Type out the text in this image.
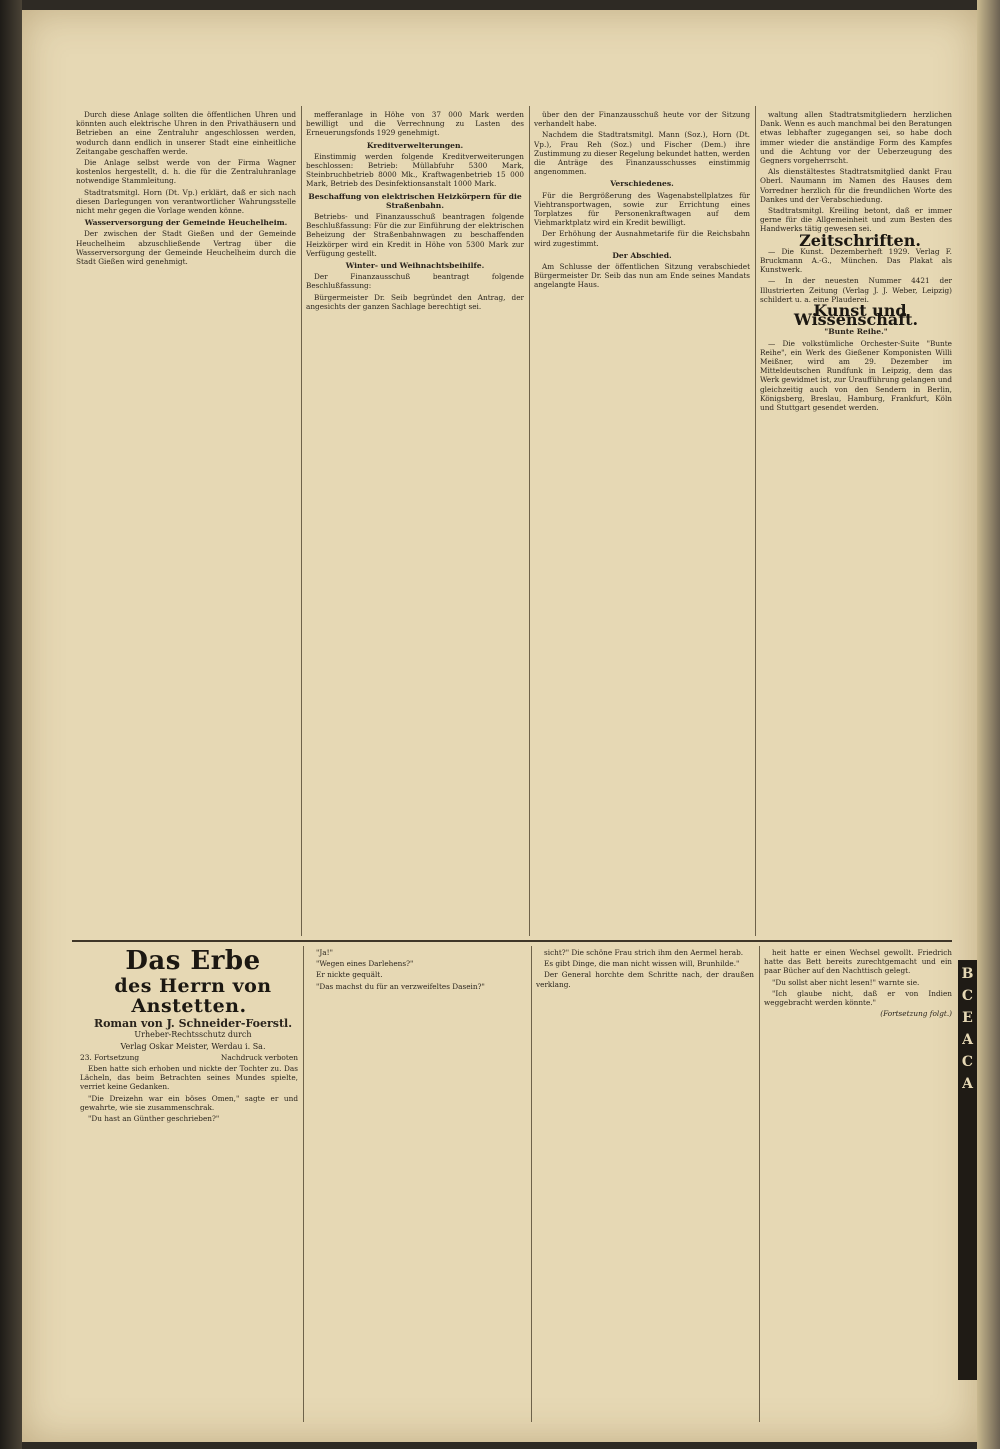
Durch diese Anlage sollten die öffentlichen Uhren und könnten auch elektrische Uhren in den Privathäusern und Betrieben an eine Zentraluhr angeschlossen werden, wodurch dann endlich in unserer Stadt eine einheitliche Zeitangabe geschaffen werde.

Die Anlage selbst werde von der Firma Wagner kostenlos hergestellt, d. h. die für die Zentraluhranlage notwendige Stammleitung.

Stadtratsmitgl. Horn (Dt. Vp.) erklärt, daß er sich nach diesen Darlegungen von verantwortlicher Wahrungsstelle nicht mehr gegen die Vorlage wenden könne.

Wasserversorgung der Gemeinde Heuchelheim.

Der zwischen der Stadt Gießen und der Gemeinde Heuchelheim abzuschließende Vertrag über die Wasserversorgung der Gemeinde Heuchelheim durch die Stadt Gießen wird genehmigt.

mefferanlage in Höhe von 37 000 Mark werden bewilligt und die Verrechnung zu Lasten des Erneuerungsfonds 1929 genehmigt.

Kreditverwelterungen.

Einstimmig werden folgende Kreditverweiterungen beschlossen: Betrieb: Müllabfuhr 5300 Mark, Steinbruchbetrieb 8000 Mk., Kraftwagenbetrieb 15 000 Mark, Betrieb des Desinfektionsanstalt 1000 Mark.

Beschaffung von elektrischen Heizkörpern für die Straßenbahn.

Betriebs- und Finanzausschuß beantragen folgende Beschlußfassung: Für die zur Einführung der elektrischen Beheizung der Straßenbahnwagen zu beschaffenden Heizkörper wird ein Kredit in Höhe von 5300 Mark zur Verfügung gestellt.

Winter- und Weihnachtsbeihilfe.

Der Finanzausschuß beantragt folgende Beschlußfassung:

Bürgermeister Dr. Seib begründet den Antrag, der angesichts der ganzen Sachlage berechtigt sei.

über den der Finanzausschuß heute vor der Sitzung verhandelt habe.

Nachdem die Stadtratsmitgl. Mann (Soz.), Horn (Dt. Vp.), Frau Reh (Soz.) und Fischer (Dem.) ihre Zustimmung zu dieser Regelung bekundet hatten, werden die Anträge des Finanzausschusses einstimmig angenommen.

Verschiedenes.

Für die Bergrößerung des Wagenabstellplatzes für Viehtransportwagen, sowie zur Errichtung eines Torplatzes für Personenkraftwagen auf dem Viehmarktplatz wird ein Kredit bewilligt.

Der Erhöhung der Ausnahmetarife für die Reichsbahn wird zugestimmt.

Der Abschied.

Am Schlusse der öffentlichen Sitzung verabschiedet Bürgermeister Dr. Seib das nun am Ende seines Mandats angelangte Haus.

waltung allen Stadtratsmitgliedern herzlichen Dank. Wenn es auch manchmal bei den Beratungen etwas lebhafter zugegangen sei, so habe doch immer wieder die anständige Form des Kampfes und die Achtung vor der Ueberzeugung des Gegners vorgeherrscht.

Als dienstältestes Stadtratsmitglied dankt Frau Oberl. Naumann im Namen des Hauses dem Vorredner herzlich für die freundlichen Worte des Dankes und der Verabschiedung.

Stadtratsmitgl. Kreiling betont, daß er immer gerne für die Allgemeinheit und zum Besten des Handwerks tätig gewesen sei.

Zeitschriften.

— Die Kunst. Dezemberheft 1929. Verlag F. Bruckmann A.-G., München. Das Plakat als Kunstwerk.

— In der neuesten Nummer 4421 der Illustrierten Zeitung (Verlag J. J. Weber, Leipzig) schildert u. a. eine Plauderei.

Kunst und Wissenschaft.

"Bunte Reihe."

— Die volkstümliche Orchester-Suite "Bunte Reihe", ein Werk des Gießener Komponisten Willi Meißner, wird am 29. Dezember im Mitteldeutschen Rundfunk in Leipzig, dem das Werk gewidmet ist, zur Uraufführung gelangen und gleichzeitig auch von den Sendern in Berlin, Königsberg, Breslau, Hamburg, Frankfurt, Köln und Stuttgart gesendet werden.

Das Erbe

des Herrn von Anstetten.

Roman von J. Schneider-Foerstl.

Urheber-Rechtsschutz durch

Verlag Oskar Meister, Werdau i. Sa.

23. Fortsetzung	Nachdruck verboten

Eben hatte sich erhoben und nickte der Tochter zu. Das Lächeln, das beim Betrachten seines Mundes spielte, verriet keine Gedanken.

"Die Dreizehn war ein böses Omen," sagte er und gewahrte, wie sie zusammenschrak.

"Du hast an Günther geschrieben?"

"Ja!"

"Wegen eines Darlehens?"

Er nickte gequält.

"Das machst du für an verzweifeltes Dasein?"

sicht?" Die schöne Frau strich ihm den Aermel herab.

Es gibt Dinge, die man nicht wissen will, Brunhilde."

Der General horchte dem Schritte nach, der draußen verklang.

heit hatte er einen Wechsel gewollt. Friedrich hatte das Bett bereits zurechtgemacht und ein paar Bücher auf den Nachttisch gelegt.

"Du sollst aber nicht lesen!" warnte sie.

"Ich glaube nicht, daß er von Indien weggebracht werden könnte."

(Fortsetzung folgt.)

B
C
E
A
C
A
